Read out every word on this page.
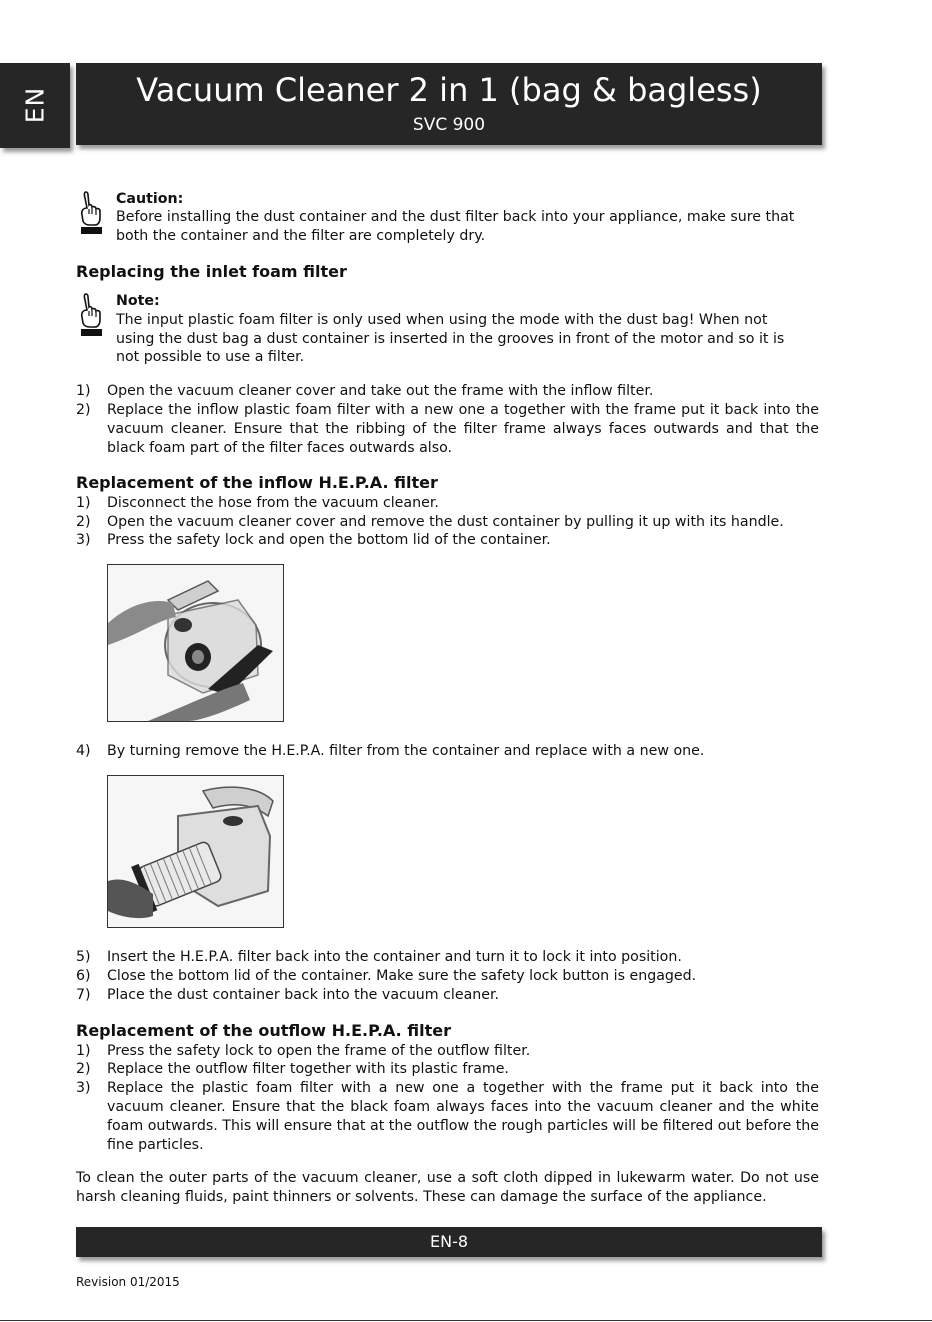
EN	Vacuum Cleaner 2 in 1 (bag & bagless)
SVC 900
Caution:
Before installing the dust container and the dust filter back into your appliance, make sure that
both the container and the filter are completely dry.
Replacing the inlet foam filter
Note:
The input plastic foam filter is only used when using the mode with the dust bag! When not
using the dust bag a dust container is inserted in the grooves in front of the motor and so it is
not possible to use a filter.
1) Open the vacuum cleaner cover and take out the frame with the inflow filter.
2) Replace the inflow plastic foam filter with a new one a together with the frame put it back into the vacuum cleaner. Ensure that the ribbing of the filter frame always faces outwards and that the black foam part of the filter faces outwards also.
Replacement of the inflow H.E.P.A. filter
1) Disconnect the hose from the vacuum cleaner.
2) Open the vacuum cleaner cover and remove the dust container by pulling it up with its handle.
3) Press the safety lock and open the bottom lid of the container.
4) By turning remove the H.E.P.A. filter from the container and replace with a new one.
5) Insert the H.E.P.A. filter back into the container and turn it to lock it into position.
6) Close the bottom lid of the container. Make sure the safety lock button is engaged.
7) Place the dust container back into the vacuum cleaner.
Replacement of the outflow H.E.P.A. filter
1) Press the safety lock to open the frame of the outflow filter.
2) Replace the outflow filter together with its plastic frame.
3) Replace the plastic foam filter with a new one a together with the frame put it back into the vacuum cleaner. Ensure that the black foam always faces into the vacuum cleaner and the white foam outwards. This will ensure that at the outflow the rough particles will be filtered out before the fine particles.
To clean the outer parts of the vacuum cleaner, use a soft cloth dipped in lukewarm water. Do not use harsh cleaning fluids, paint thinners or solvents. These can damage the surface of the appliance.
EN-8
Revision 01/2015
